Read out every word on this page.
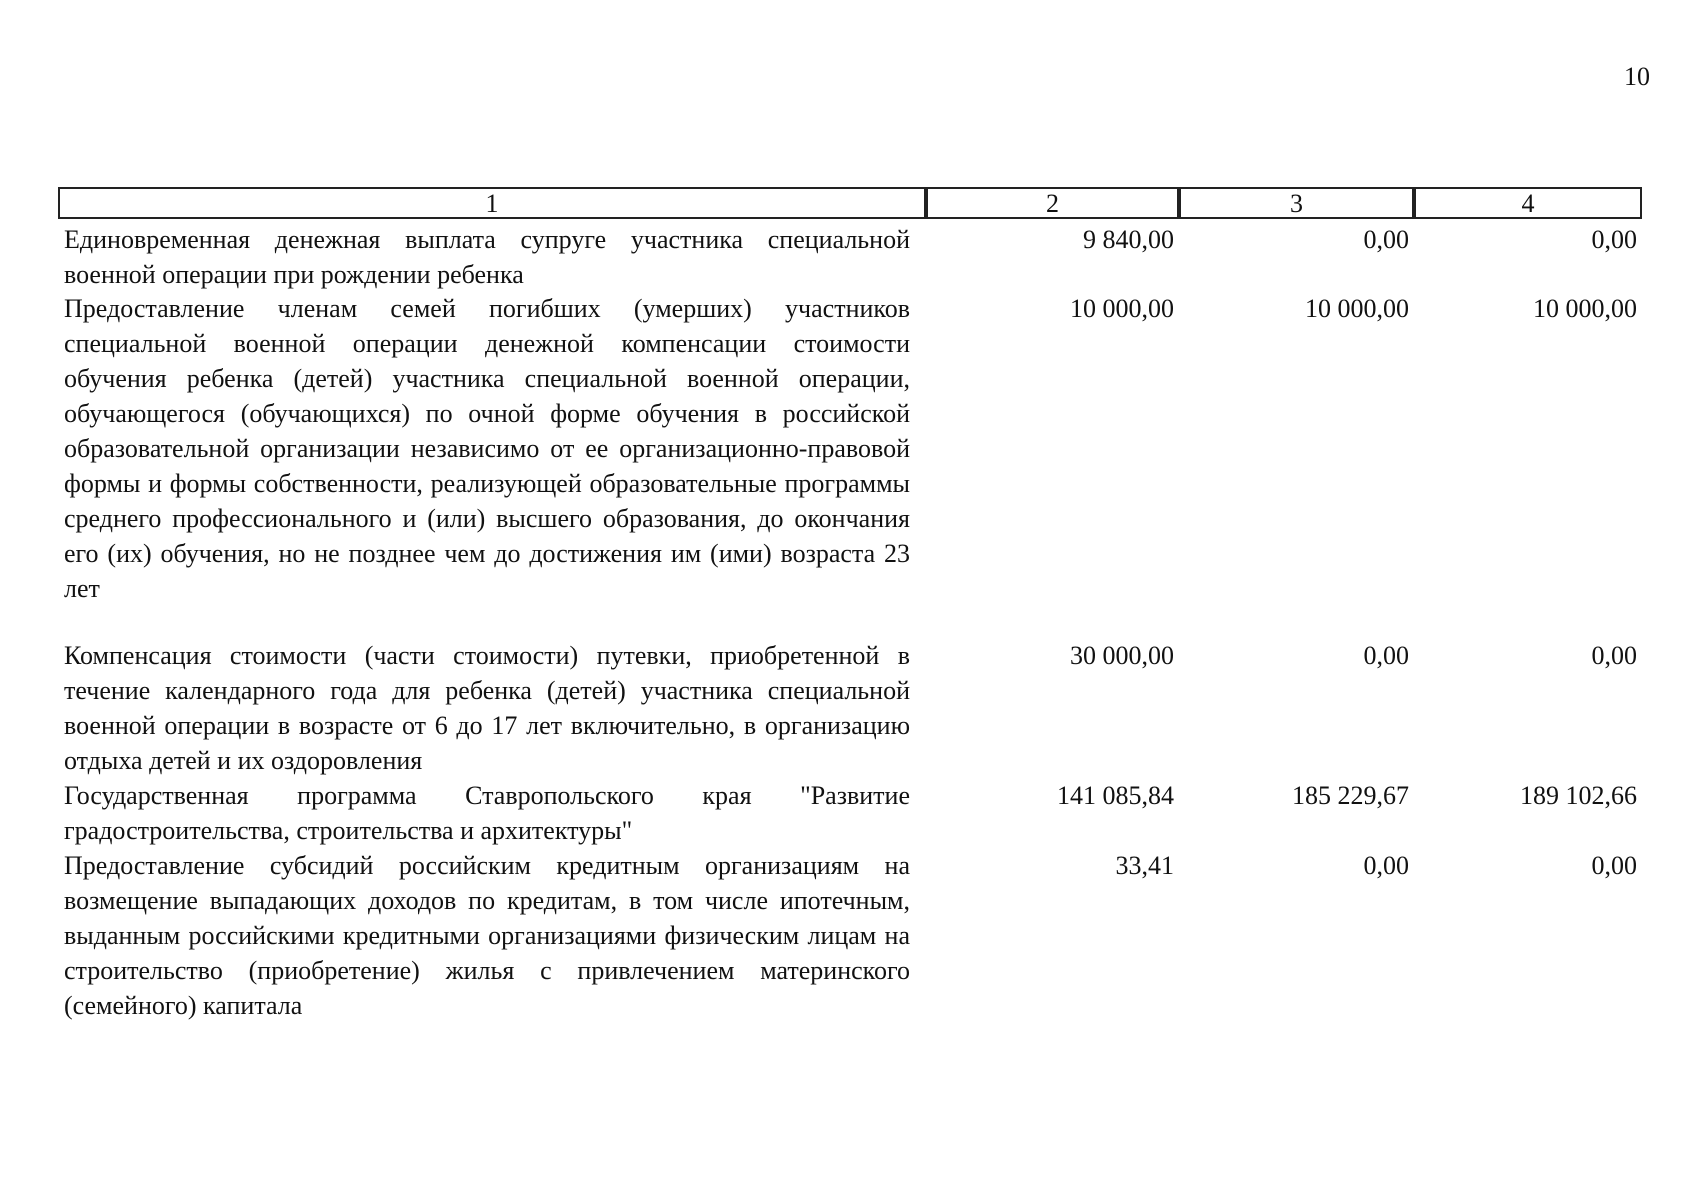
10
1	2	3	4
Единовременная денежная выплата супруге участника специальной военной операции при рождении ребенка
9 840,00	0,00	0,00
Предоставление членам семей погибших (умерших) участников специальной военной операции денежной компенсации стоимости обучения ребенка (детей) участника специальной военной операции, обучающегося (обучающихся) по очной форме обучения в российской образовательной организации независимо от ее организационно-правовой формы и формы собственности, реализующей образовательные программы среднего профессионального и (или) высшего образования, до окончания его (их) обучения, но не позднее чем до достижения им (ими) возраста 23 лет
10 000,00	10 000,00	10 000,00
Компенсация стоимости (части стоимости) путевки, приобретенной в течение календарного года для ребенка (детей) участника специальной военной операции в возрасте от 6 до 17 лет включительно, в организацию отдыха детей и их оздоровления
30 000,00	0,00	0,00
Государственная программа Ставропольского края "Развитие градостроительства, строительства и архитектуры"
141 085,84	185 229,67	189 102,66
Предоставление субсидий российским кредитным организациям на возмещение выпадающих доходов по кредитам, в том числе ипотечным, выданным российскими кредитными организациями физическим лицам на строительство (приобретение) жилья с привлечением материнского (семейного) капитала
33,41	0,00	0,00
